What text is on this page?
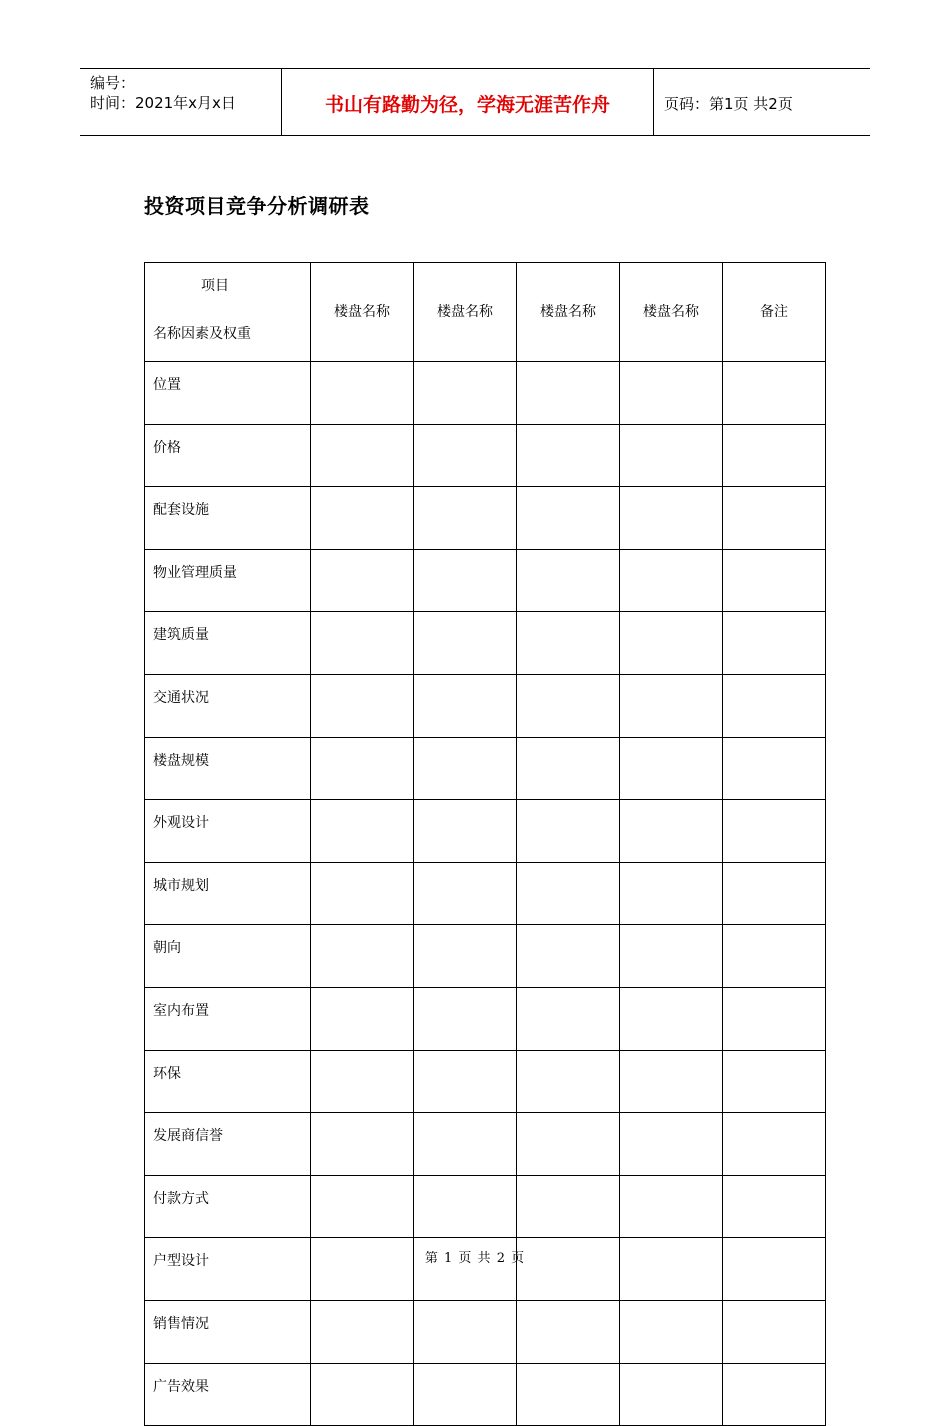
编号：
时间：2021年x月x日	书山有路勤为径，学海无涯苦作舟	页码：第1页 共2页
投资项目竞争分析调研表
项目
名称因素及权重	楼盘名称	楼盘名称	楼盘名称	楼盘名称	备注
位置					
价格					
配套设施					
物业管理质量					
建筑质量					
交通状况					
楼盘规模					
外观设计					
城市规划					
朝向					
室内布置					
环保					
发展商信誉					
付款方式					
户型设计					
销售情况					
广告效果					
第 1 页 共 2 页
